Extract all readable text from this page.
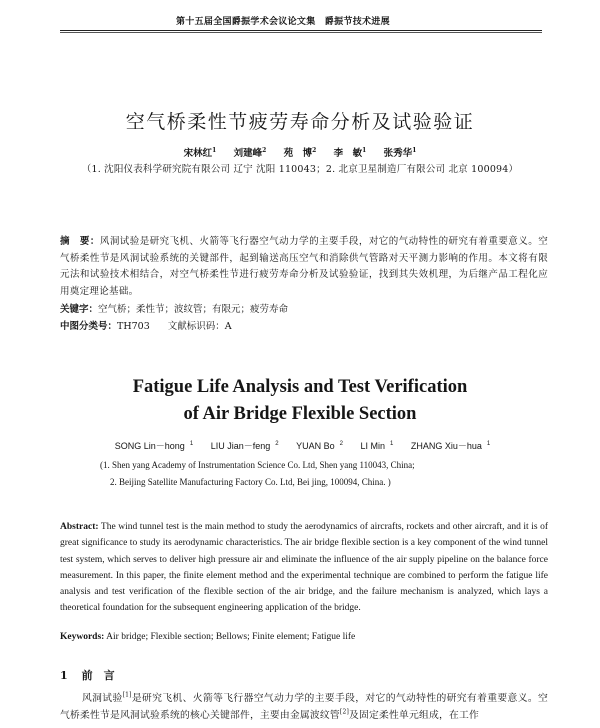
第十五届全国爵振学术会议论文集　爵振节技术进展
空气桥柔性节疲劳寿命分析及试验验证
宋林红$^1$ 刘建峰$^2$ 苑　博$^2$ 李　敏$^1$ 张秀华$^1$
（1. 沈阳仪表科学研究院有限公司 辽宁 沈阳 110043；2. 北京卫星制造厂有限公司 北京 100094）
摘　要：风洞试验是研究飞机、火箭等飞行器空气动力学的主要手段，对它的气动特性的研究有着重要意义。空气桥柔性节是风洞试验系统的关键部件，起到输送高压空气和消除供气管路对天平测力影响的作用。本文将有限元法和试验技术相结合，对空气桥柔性节进行疲劳寿命分析及试验验证，找到其失效机理，为后继产品工程化应用奠定理论基础。
关键字：空气桥；柔性节；波纹管；有限元；疲劳寿命
中图分类号：TH703 文献标识码：A
Fatigue Life Analysis and Test Verification
of Air Bridge Flexible Section
SONG Lin－hong $^1$ LIU Jian－feng $^2$ YUAN Bo $^2$ LI Min $^1$ ZHANG Xiu－hua $^1$
(1. Shen yang Academy of Instrumentation Science Co. Ltd, Shen yang 110043, China;
2. Beijing Satellite Manufacturing Factory Co. Ltd, Bei jing, 100094, China. )
Abstract: The wind tunnel test is the main method to study the aerodynamics of aircrafts, rockets and other aircraft, and it is of great significance to study its aerodynamic characteristics. The air bridge flexible section is a key component of the wind tunnel test system, which serves to deliver high pressure air and eliminate the influence of the air supply pipeline on the balance force measurement. In this paper, the finite element method and the experimental technique are combined to perform the fatigue life analysis and test verification of the flexible section of the air bridge, and the failure mechanism is analyzed, which lays a theoretical foundation for the subsequent engineering application of the bridge.
Keywords: Air bridge; Flexible section; Bellows; Finite element; Fatigue life
1 前　言
风洞试验[1]是研究飞机、火箭等飞行器空气动力学的主要手段，对它的气动特性的研究有着重要意义。空气桥柔性节是风洞试验系统的核心关键部件，主要由金属波纹管[2]及固定柔性单元组成，在工作
